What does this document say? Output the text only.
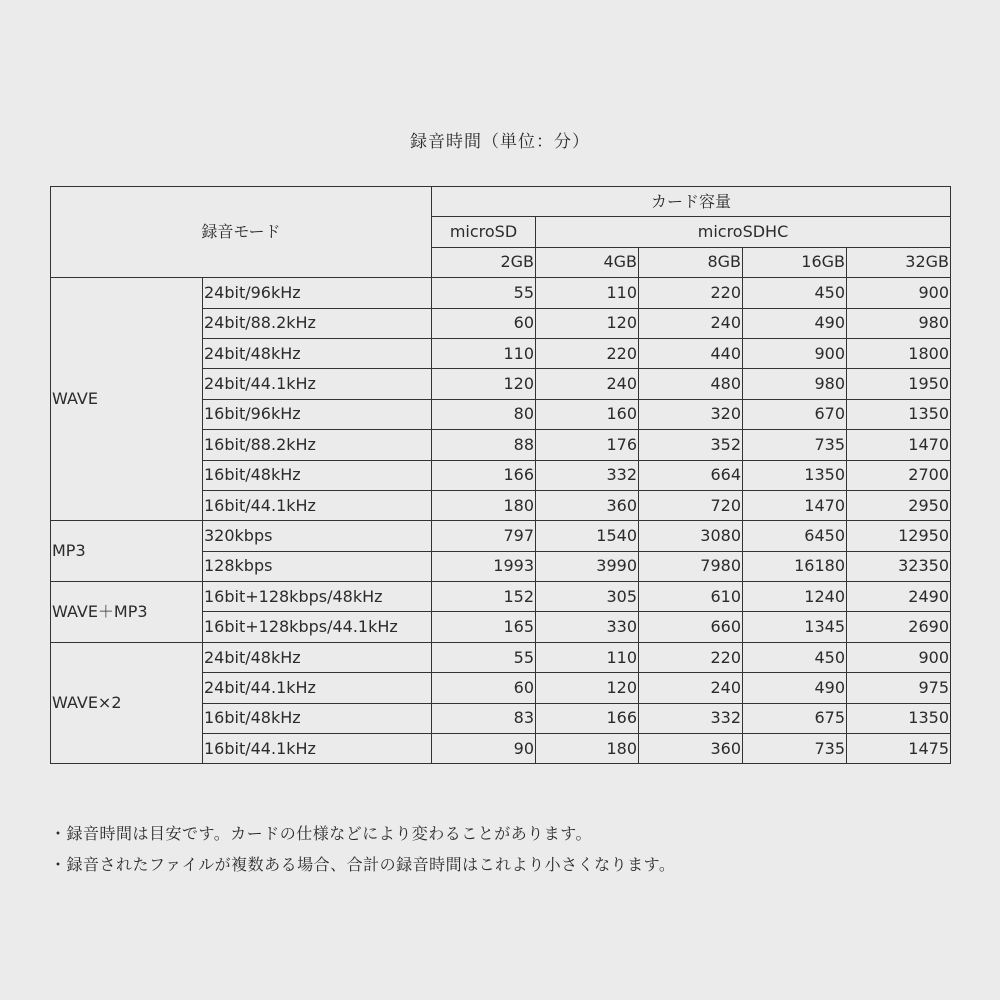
録音時間（単位：分）
録音モード		カード容量				
		microSD	microSDHC			
		2GB	4GB	8GB	16GB	32GB
WAVE	24bit/96kHz	55	110	220	450	900
	24bit/88.2kHz	60	120	240	490	980
	24bit/48kHz	110	220	440	900	1800
	24bit/44.1kHz	120	240	480	980	1950
	16bit/96kHz	80	160	320	670	1350
	16bit/88.2kHz	88	176	352	735	1470
	16bit/48kHz	166	332	664	1350	2700
	16bit/44.1kHz	180	360	720	1470	2950
MP3	320kbps	797	1540	3080	6450	12950
	128kbps	1993	3990	7980	16180	32350
WAVE＋MP3	16bit+128kbps/48kHz	152	305	610	1240	2490
	16bit+128kbps/44.1kHz	165	330	660	1345	2690
WAVE×2	24bit/48kHz	55	110	220	450	900
	24bit/44.1kHz	60	120	240	490	975
	16bit/48kHz	83	166	332	675	1350
	16bit/44.1kHz	90	180	360	735	1475
・録音時間は目安です。カードの仕様などにより変わることがあります。
・録音されたファイルが複数ある場合、合計の録音時間はこれより小さくなります。
